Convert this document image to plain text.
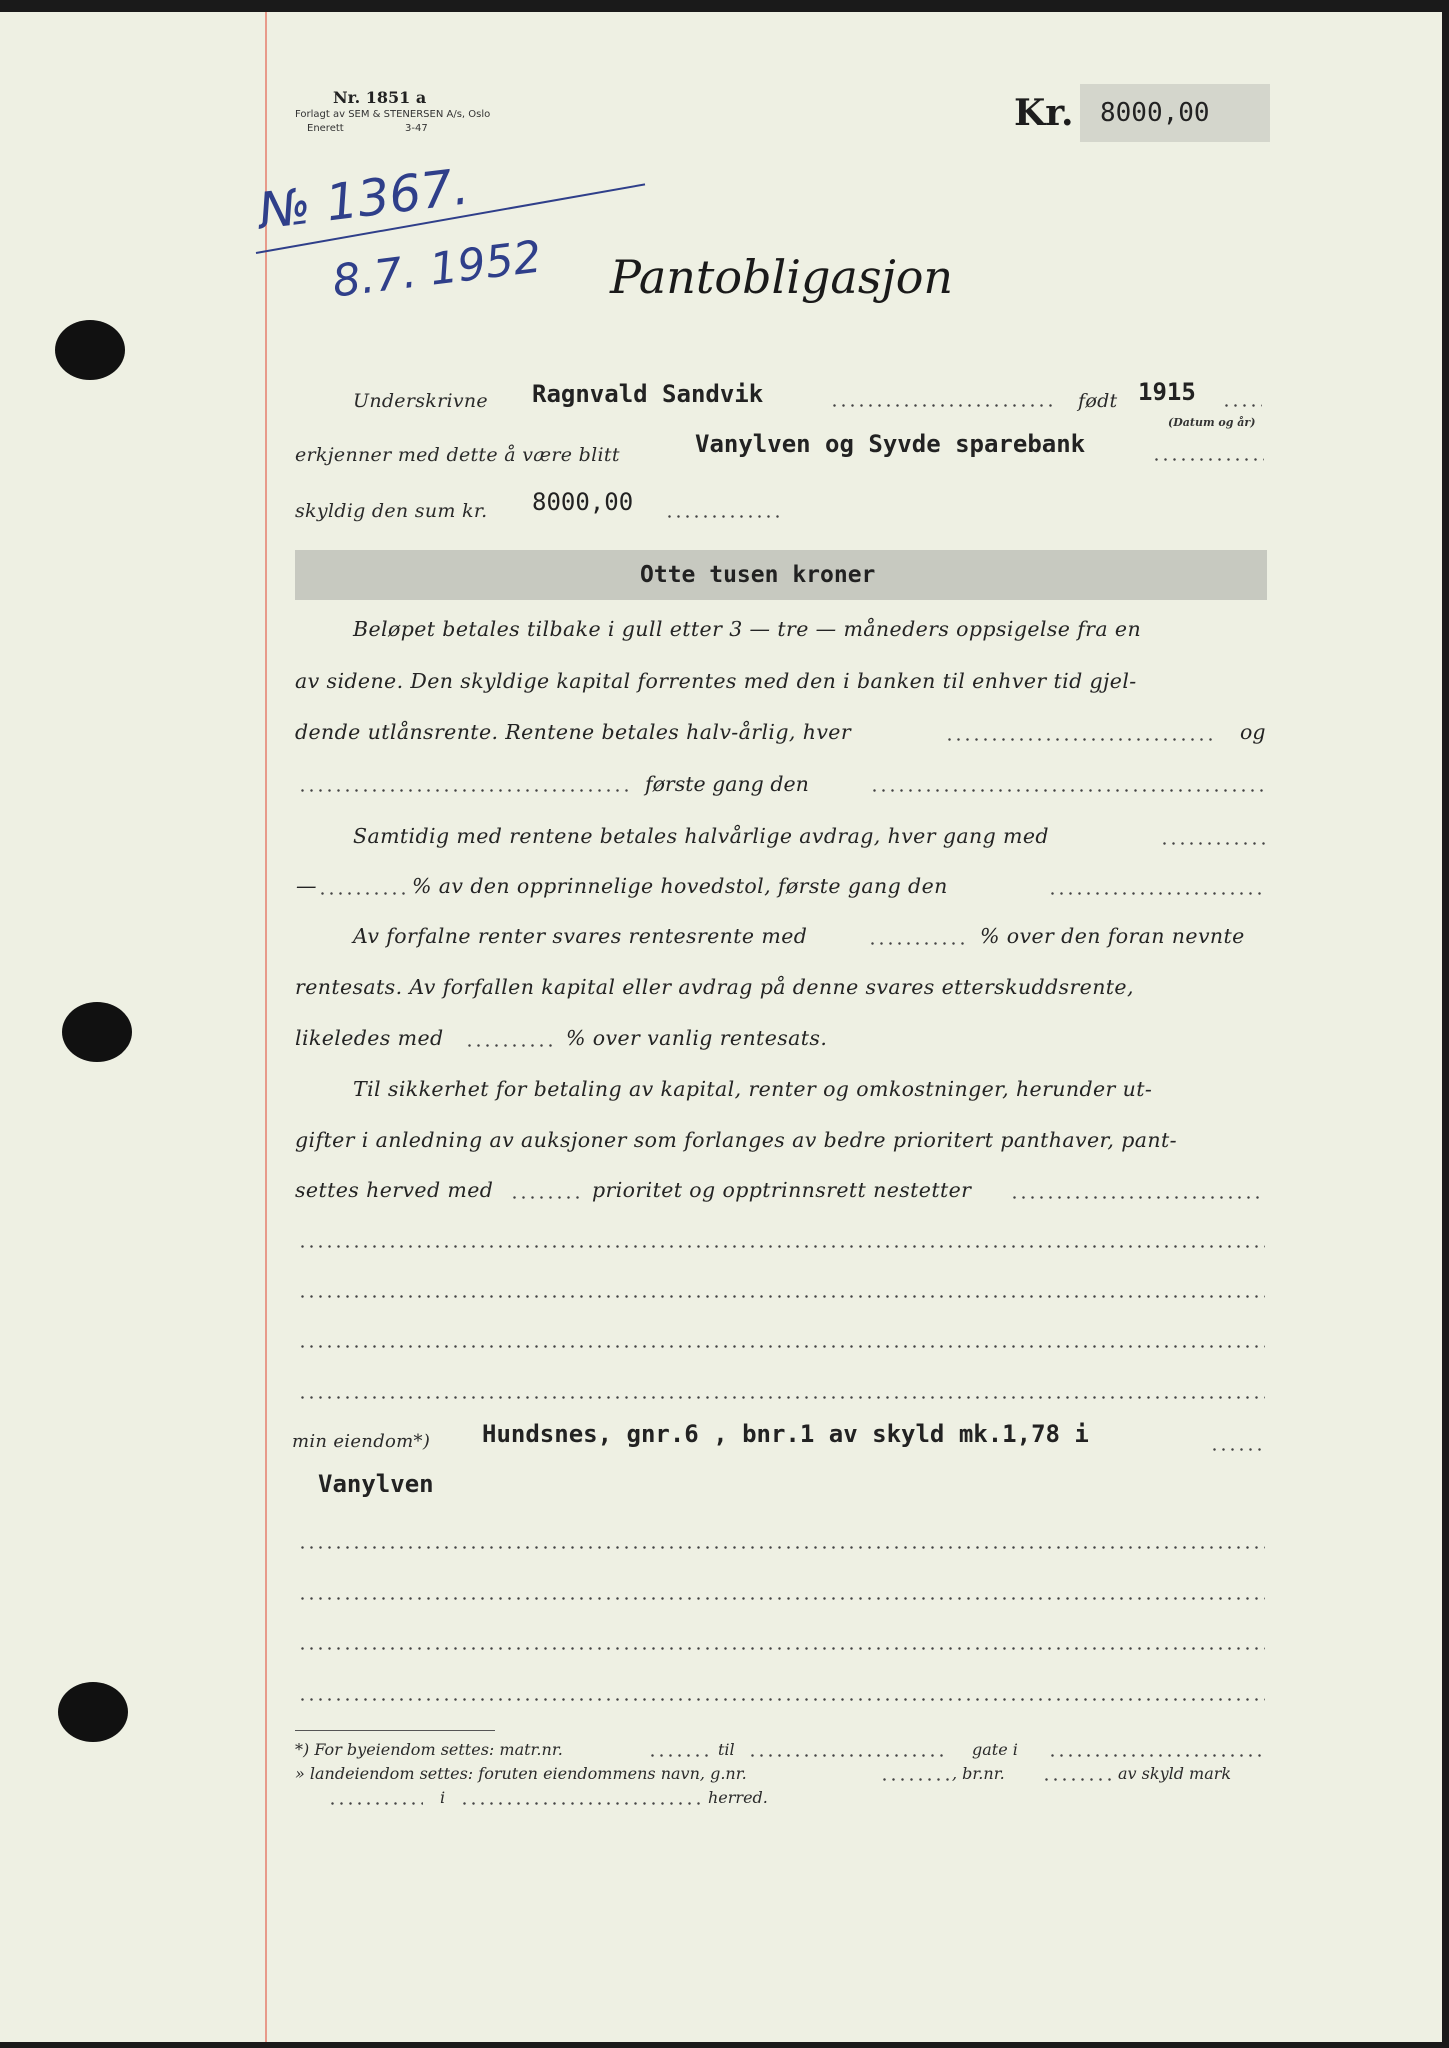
Nr. 1851 a
Forlagt av SEM & STENERSEN A/s, Oslo
Enerett	3-47	Kr. 8000,00
№ 1367.
8.7. 1952 Pantobligasjon
Underskrivne Ragnvald Sandvik	født 1915
(Datum og år)
erkjenner med dette å være blitt	Vanylven og Syvde sparebank
skyldig den sum kr. 8000,00
Otte tusen kroner
Beløpet betales tilbake i gull etter 3 — tre — måneders oppsigelse fra en
av sidene. Den skyldige kapital forrentes med den i banken til enhver tid gjel-
dende utlånsrente. Rentene betales halv-årlig, hver	og
første gang den
Samtidig med rentene betales halvårlige avdrag, hver gang med
—	% av den opprinnelige hovedstol, første gang den
Av forfalne renter svares rentesrente med	% over den foran nevnte
rentesats. Av forfallen kapital eller avdrag på denne svares etterskuddsrente,
likeledes med	% over vanlig rentesats.
Til sikkerhet for betaling av kapital, renter og omkostninger, herunder ut-
gifter i anledning av auksjoner som forlanges av bedre prioritert panthaver, pant-
settes herved med	prioritet og opptrinnsrett nestetter
min eiendom*) Hundsnes, gnr.6 , bnr.1 av skyld mk.1,78 i
Vanylven
*) For byeiendom settes: matr.nr.	til	gate i
» landeiendom settes: foruten eiendommens navn, g.nr.	, br.nr.	av skyld mark
i	herred.
